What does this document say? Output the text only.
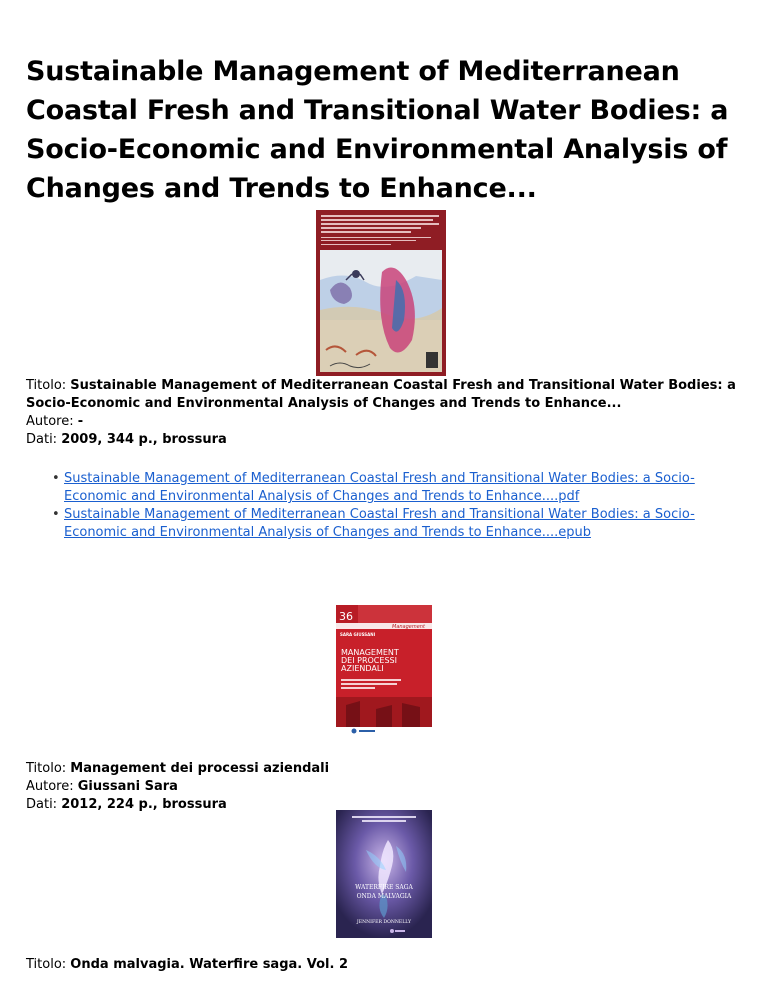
Sustainable Management of Mediterranean Coastal Fresh and Transitional Water Bodies: a Socio-Economic and Environmental Analysis of Changes and Trends to Enhance...
Titolo: Sustainable Management of Mediterranean Coastal Fresh and Transitional Water Bodies: a Socio-Economic and Environmental Analysis of Changes and Trends to Enhance...
Autore: -
Dati: 2009, 344 p., brossura
• Sustainable Management of Mediterranean Coastal Fresh and Transitional Water Bodies: a Socio-Economic and Environmental Analysis of Changes and Trends to Enhance....pdf
• Sustainable Management of Mediterranean Coastal Fresh and Transitional Water Bodies: a Socio-Economic and Environmental Analysis of Changes and Trends to Enhance....epub
36
Management
SARA GIUSSANI
MANAGEMENT
DEI PROCESSI
AZIENDALI
Titolo: Management dei processi aziendali
Autore: Giussani Sara
Dati: 2012, 224 p., brossura
WATERFIRE SAGA
ONDA MALVAGIA
JENNIFER DONNELLY
Titolo: Onda malvagia. Waterfire saga. Vol. 2
